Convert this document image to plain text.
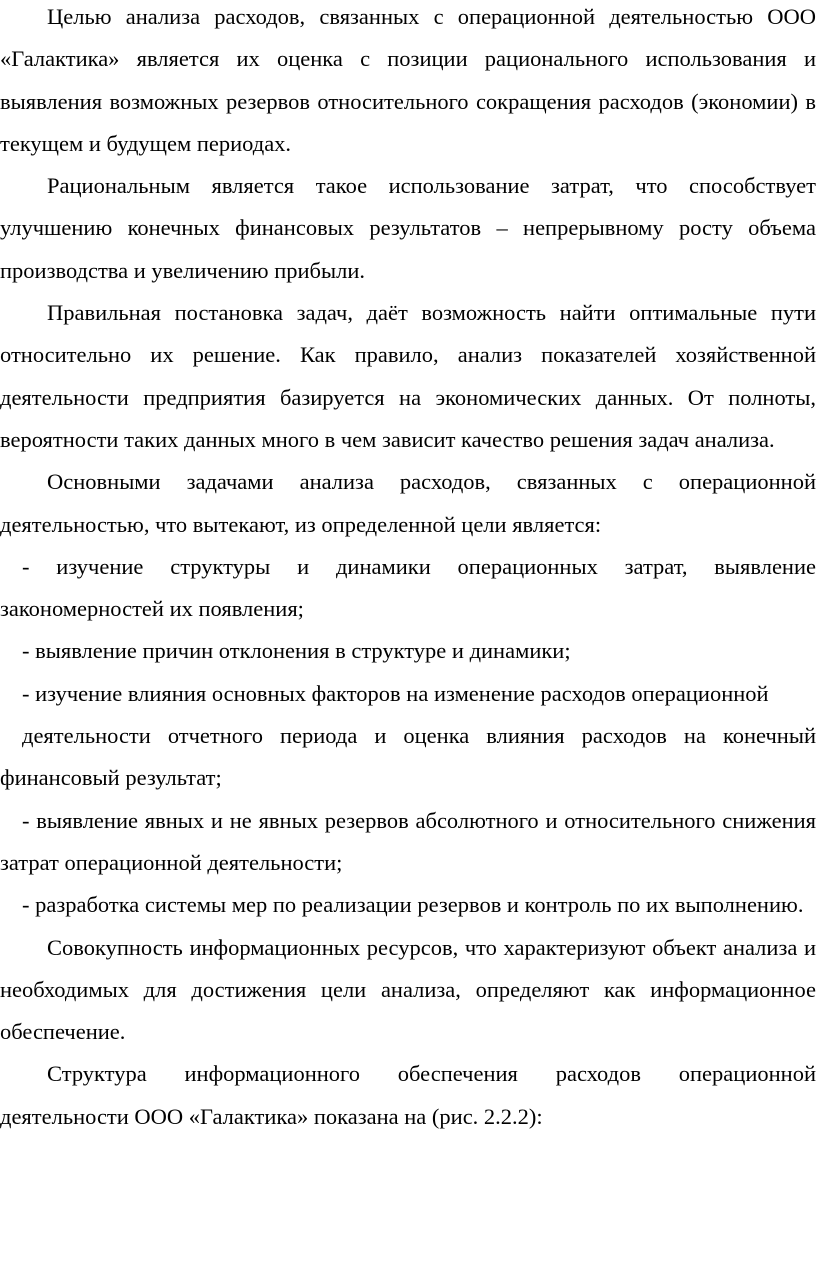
Целью анализа расходов, связанных с операционной деятельностью ООО «Галактика» является их оценка с позиции рационального использования и выявления возможных резервов относительного сокращения расходов (экономии) в текущем и будущем периодах.

Рациональным является такое использование затрат, что способствует улучшению конечных финансовых результатов – непрерывному росту объема производства и увеличению прибыли.

Правильная постановка задач, даёт возможность найти оптимальные пути относительно их решение. Как правило, анализ показателей хозяйственной деятельности предприятия базируется на экономических данных. От полноты, вероятности таких данных много в чем зависит качество решения задач анализа.

Основными задачами анализа расходов, связанных с операционной деятельностью, что вытекают, из определенной цели является:

- изучение структуры и динамики операционных затрат, выявление закономерностей их появления;

- выявление причин отклонения в структуре и динамики;

- изучение влияния основных факторов на изменение расходов операционной

деятельности отчетного периода и оценка влияния расходов на конечный финансовый результат;

- выявление явных и не явных резервов абсолютного и относительного снижения затрат операционной деятельности;

- разработка системы мер по реализации резервов и контроль по их выполнению.

Совокупность информационных ресурсов, что характеризуют объект анализа и необходимых для достижения цели анализа, определяют как информационное обеспечение.

Структура информационного обеспечения расходов операционной деятельности ООО «Галактика» показана на (рис. 2.2.2):
